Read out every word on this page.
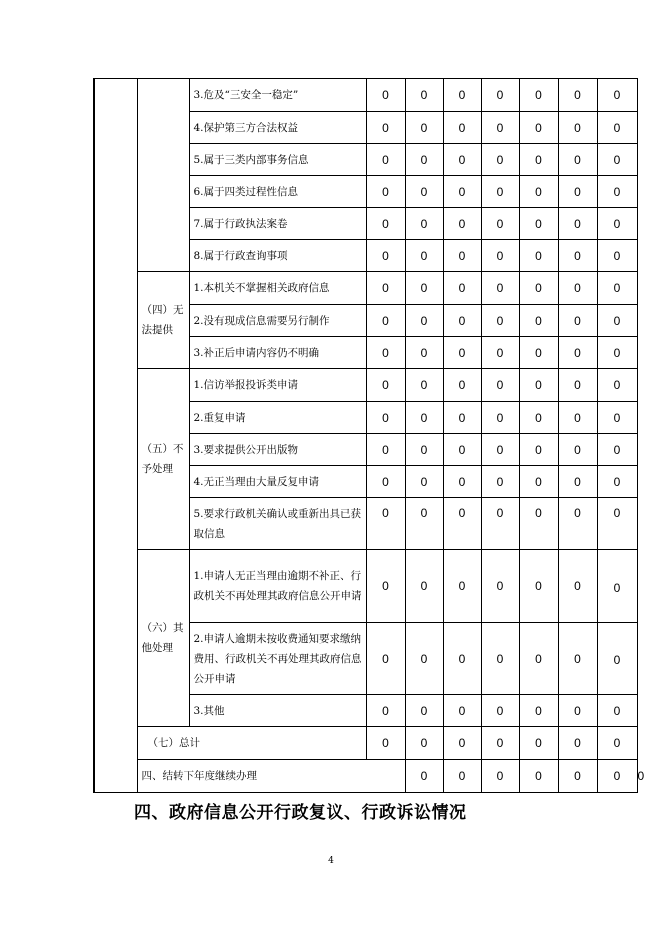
		3.危及“三安全一稳定”	0	0	0	0	0	0	0	
		4.保护第三方合法权益	0	0	0	0	0	0	0	
		5.属于三类内部事务信息	0	0	0	0	0	0	0	
		6.属于四类过程性信息	0	0	0	0	0	0	0	
		7.属于行政执法案卷	0	0	0	0	0	0	0	
		8.属于行政查询事项	0	0	0	0	0	0	0	
	（四）无法提供	1.本机关不掌握相关政府信息	0	0	0	0	0	0	0	
		2.没有现成信息需要另行制作	0	0	0	0	0	0	0	
		3.补正后申请内容仍不明确	0	0	0	0	0	0	0	
	（五）不予处理	1.信访举报投诉类申请	0	0	0	0	0	0	0	
		2.重复申请	0	0	0	0	0	0	0	
		3.要求提供公开出版物	0	0	0	0	0	0	0	
		4.无正当理由大量反复申请	0	0	0	0	0	0	0	
		5.要求行政机关确认或重新出具已获取信息	0	0	0	0	0	0	0	
	（六）其他处理	1.申请人无正当理由逾期不补正、行政机关不再处理其政府信息公开申请	0	0	0	0	0	0	0	
		2.申请人逾期未按收费通知要求缴纳费用、行政机关不再处理其政府信息公开申请	0	0	0	0	0	0	0	
		3.其他	0	0	0	0	0	0	0	
	（七）总计		0	0	0	0	0	0	0	
	四、结转下年度继续办理			0	0	0	0	0	0	0
四、政府信息公开行政复议、行政诉讼情况
4
